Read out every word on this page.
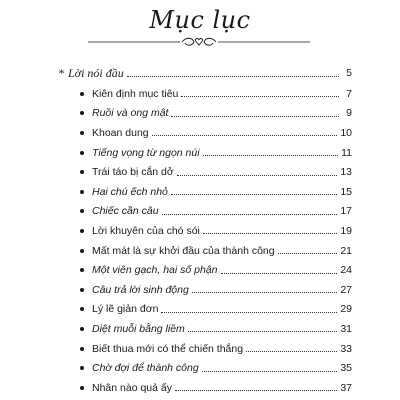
Mục lục
* Lời nói đầu	5
Kiên định mục tiêu	7
Ruồi và ong mật	9
Khoan dung	10
Tiếng vọng từ ngọn núi	11
Trái táo bị cắn dở	13
Hai chú ếch nhỏ	15
Chiếc cần câu	17
Lời khuyên của chó sói	19
Mất mát là sự khởi đầu của thành công	21
Một viên gạch, hai số phận	24
Câu trả lời sinh động	27
Lý lẽ giản đơn	29
Diệt muỗi bằng liềm	31
Biết thua mới có thể chiến thắng	33
Chờ đợi để thành công	35
Nhân nào quả ấy	37
